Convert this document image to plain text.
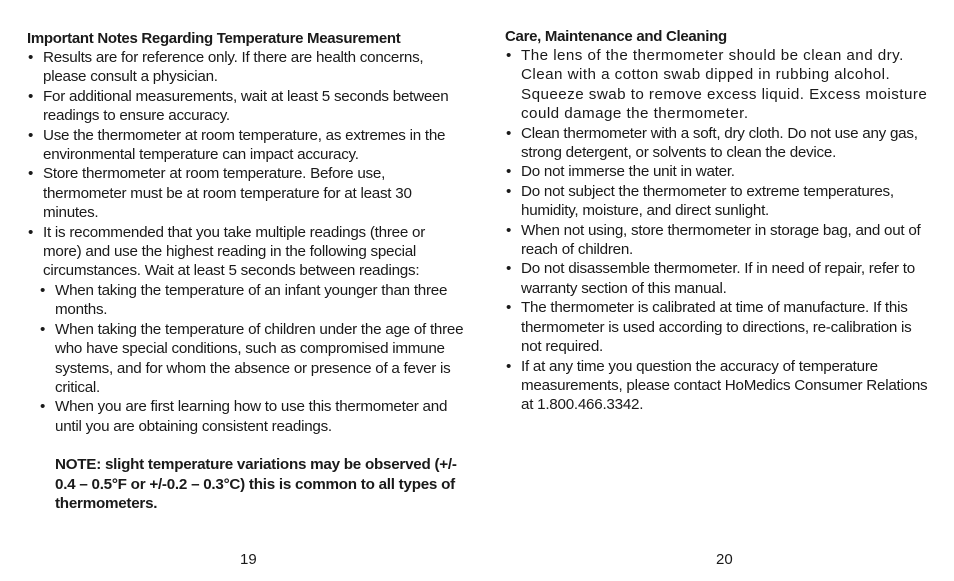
Important Notes Regarding Temperature Measurement
• Results are for reference only. If there are health concerns, please consult a physician.
• For additional measurements, wait at least 5 seconds between readings to ensure accuracy.
• Use the thermometer at room temperature, as extremes in the environmental temperature can impact accuracy.
• Store thermometer at room temperature. Before use, thermometer must be at room temperature for at least 30 minutes.
• It is recommended that you take multiple readings (three or more) and use the highest reading in the following special circumstances. Wait at least 5 seconds between readings:
• When taking the temperature of an infant younger than three months.
• When taking the temperature of children under the age of three who have special conditions, such as compromised immune systems, and for whom the absence or presence of a fever is critical.
• When you are first learning how to use this thermometer and until you are obtaining consistent readings.

NOTE: slight temperature variations may be observed (+/- 0.4 – 0.5°F or +/-0.2 – 0.3°C) this is common to all types of thermometers.

Care, Maintenance and Cleaning
• The lens of the thermometer should be clean and dry. Clean with a cotton swab dipped in rubbing alcohol. Squeeze swab to remove excess liquid. Excess moisture could damage the thermometer.
• Clean thermometer with a soft, dry cloth. Do not use any gas, strong detergent, or solvents to clean the device.
• Do not immerse the unit in water.
• Do not subject the thermometer to extreme temperatures, humidity, moisture, and direct sunlight.
• When not using, store thermometer in storage bag, and out of reach of children.
• Do not disassemble thermometer. If in need of repair, refer to warranty section of this manual.
• The thermometer is calibrated at time of manufacture. If this thermometer is used according to directions, re-calibration is not required.
• If at any time you question the accuracy of temperature measurements, please contact HoMedics Consumer Relations at 1.800.466.3342.
19	20
